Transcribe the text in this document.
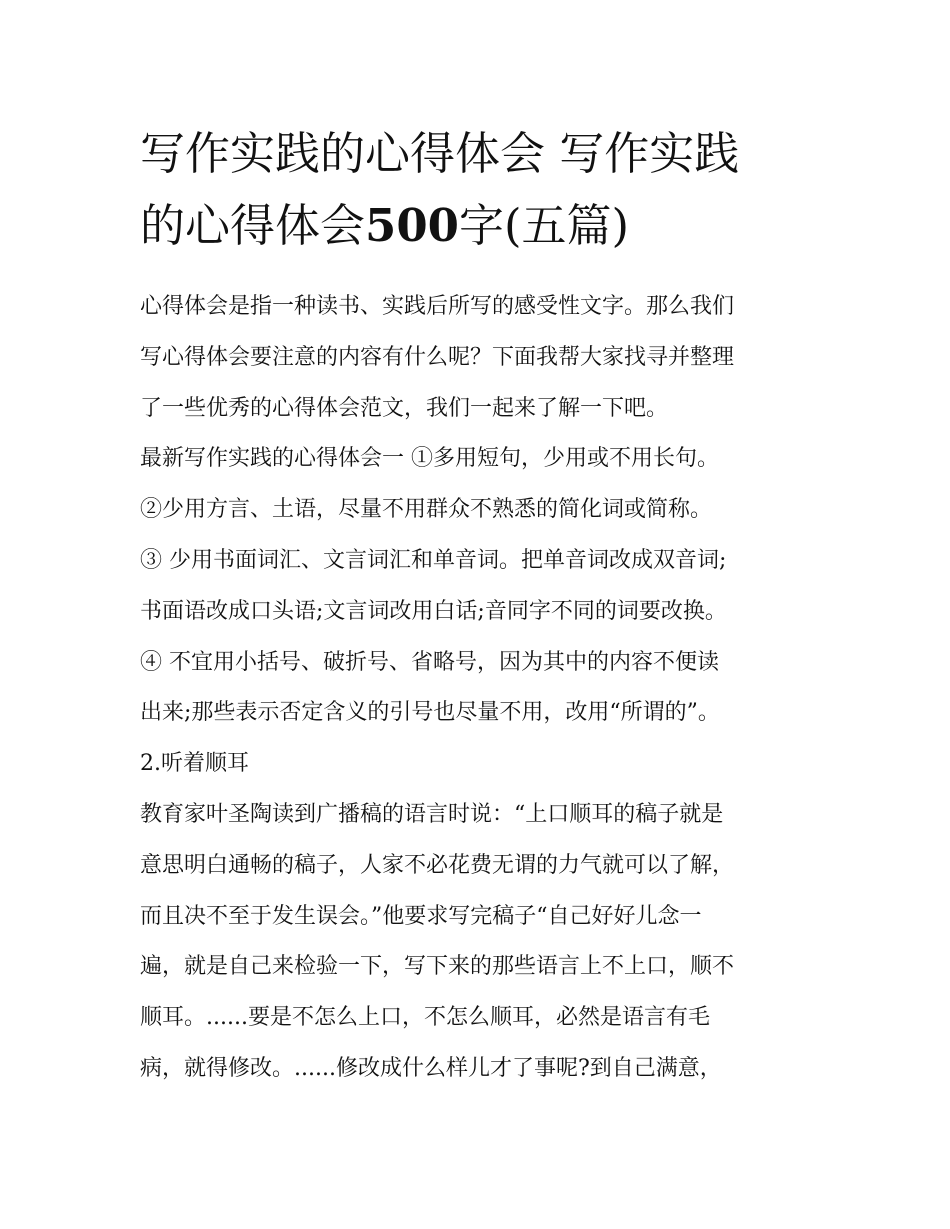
写作实践的心得体会 写作实践
的心得体会500字(五篇)
心得体会是指一种读书、实践后所写的感受性文字。那么我们
写心得体会要注意的内容有什么呢？下面我帮大家找寻并整理
了一些优秀的心得体会范文，我们一起来了解一下吧。
最新写作实践的心得体会一 ①多用短句，少用或不用长句。
②少用方言、土语，尽量不用群众不熟悉的简化词或简称。
③ 少用书面词汇、文言词汇和单音词。把单音词改成双音词;
书面语改成口头语;文言词改用白话;音同字不同的词要改换。
④ 不宜用小括号、破折号、省略号，因为其中的内容不便读
出来;那些表示否定含义的引号也尽量不用，改用“所谓的”。
2.听着顺耳
教育家叶圣陶读到广播稿的语言时说：“上口顺耳的稿子就是
意思明白通畅的稿子，人家不必花费无谓的力气就可以了解，
而且决不至于发生误会。”他要求写完稿子“自己好好儿念一
遍，就是自己来检验一下，写下来的那些语言上不上口，顺不
顺耳。......要是不怎么上口，不怎么顺耳，必然是语言有毛
病，就得修改。......修改成什么样儿才了事呢?到自己满意，
